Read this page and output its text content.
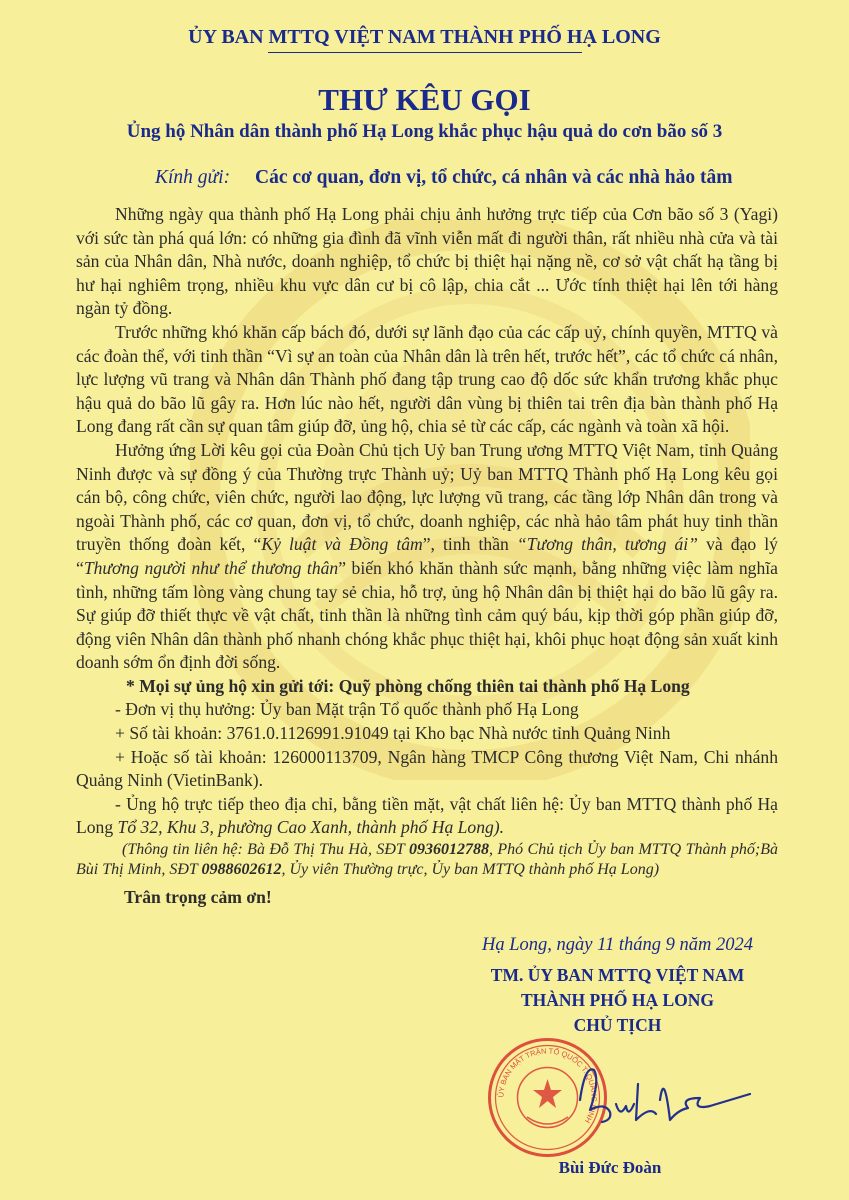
ỦY BAN MTTQ VIỆT NAM THÀNH PHỐ HẠ LONG
THƯ KÊU GỌI
Ủng hộ Nhân dân thành phố Hạ Long khắc phục hậu quả do cơn bão số 3
Kính gửi: Các cơ quan, đơn vị, tổ chức, cá nhân và các nhà hảo tâm

Những ngày qua thành phố Hạ Long phải chịu ảnh hưởng trực tiếp của Cơn bão số 3 (Yagi) với sức tàn phá quá lớn: có những gia đình đã vĩnh viễn mất đi người thân, rất nhiều nhà cửa và tài sản của Nhân dân, Nhà nước, doanh nghiệp, tổ chức bị thiệt hại nặng nề, cơ sở vật chất hạ tầng bị hư hại nghiêm trọng, nhiều khu vực dân cư bị cô lập, chia cắt ... Ước tính thiệt hại lên tới hàng ngàn tỷ đồng.

Trước những khó khăn cấp bách đó, dưới sự lãnh đạo của các cấp uỷ, chính quyền, MTTQ và các đoàn thể, với tinh thần “Vì sự an toàn của Nhân dân là trên hết, trước hết”, các tổ chức cá nhân, lực lượng vũ trang và Nhân dân Thành phố đang tập trung cao độ dốc sức khẩn trương khắc phục hậu quả do bão lũ gây ra. Hơn lúc nào hết, người dân vùng bị thiên tai trên địa bàn thành phố Hạ Long đang rất cần sự quan tâm giúp đỡ, ủng hộ, chia sẻ từ các cấp, các ngành và toàn xã hội.

Hưởng ứng Lời kêu gọi của Đoàn Chủ tịch Uỷ ban Trung ương MTTQ Việt Nam, tỉnh Quảng Ninh được và sự đồng ý của Thường trực Thành uỷ; Uỷ ban MTTQ Thành phố Hạ Long kêu gọi cán bộ, công chức, viên chức, người lao động, lực lượng vũ trang, các tầng lớp Nhân dân trong và ngoài Thành phố, các cơ quan, đơn vị, tổ chức, doanh nghiệp, các nhà hảo tâm phát huy tinh thần truyền thống đoàn kết, “Kỷ luật và Đồng tâm”, tinh thần “Tương thân, tương ái” và đạo lý “Thương người như thể thương thân” biến khó khăn thành sức mạnh, bằng những việc làm nghĩa tình, những tấm lòng vàng chung tay sẻ chia, hỗ trợ, ủng hộ Nhân dân bị thiệt hại do bão lũ gây ra. Sự giúp đỡ thiết thực về vật chất, tinh thần là những tình cảm quý báu, kịp thời góp phần giúp đỡ, động viên Nhân dân thành phố nhanh chóng khắc phục thiệt hại, khôi phục hoạt động sản xuất kinh doanh sớm ổn định đời sống.

* Mọi sự ủng hộ xin gửi tới: Quỹ phòng chống thiên tai thành phố Hạ Long

- Đơn vị thụ hưởng: Ủy ban Mặt trận Tổ quốc thành phố Hạ Long

+ Số tài khoản: 3761.0.1126991.91049 tại Kho bạc Nhà nước tỉnh Quảng Ninh

+ Hoặc số tài khoản: 126000113709, Ngân hàng TMCP Công thương Việt Nam, Chi nhánh Quảng Ninh (VietinBank).

- Ủng hộ trực tiếp theo địa chỉ, bằng tiền mặt, vật chất liên hệ: Ủy ban MTTQ thành phố Hạ Long Tổ 32, Khu 3, phường Cao Xanh, thành phố Hạ Long).

(Thông tin liên hệ: Bà Đỗ Thị Thu Hà, SĐT 0936012788, Phó Chủ tịch Ủy ban MTTQ Thành phố;Bà Bùi Thị Minh, SĐT 0988602612, Ủy viên Thường trực, Ủy ban MTTQ thành phố Hạ Long)

Trân trọng cảm ơn!

Hạ Long, ngày 11 tháng 9 năm 2024
TM. ỦY BAN MTTQ VIỆT NAM
THÀNH PHỐ HẠ LONG
CHỦ TỊCH
ỦY BAN MẶT TRẬN TỔ QUỐC T. QUẢNG NINH
Bùi Đức Đoàn
